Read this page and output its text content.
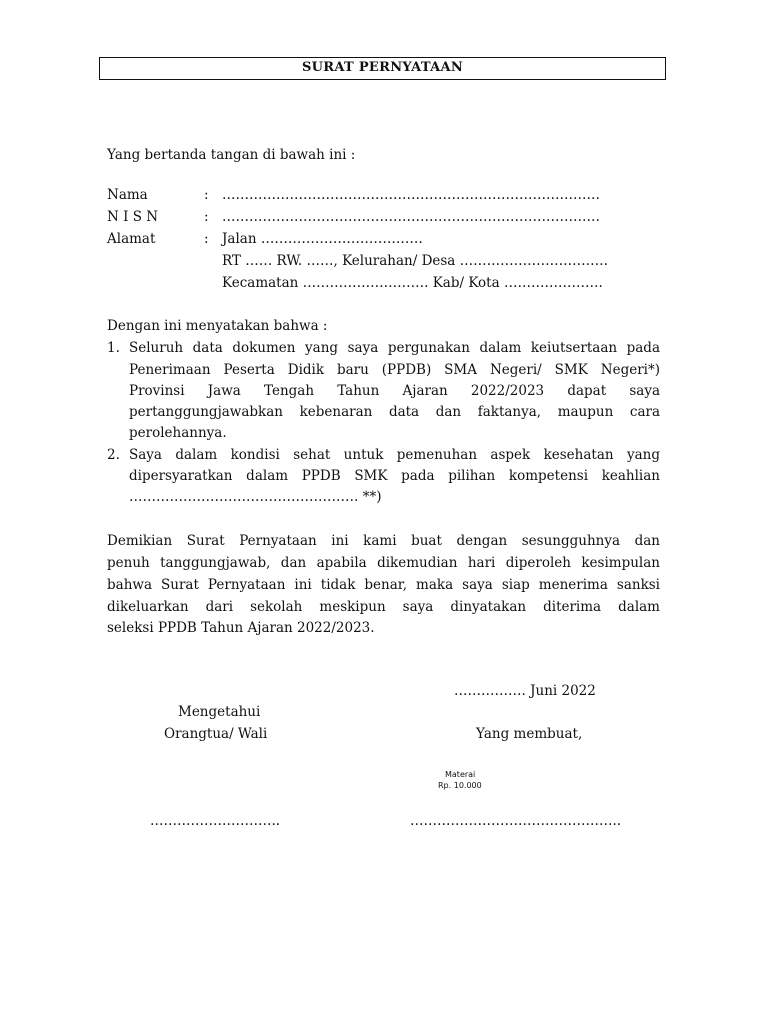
SURAT PERNYATAAN
Yang bertanda tangan di bawah ini :
Nama	: …………………………………………………………………………
N I S N	: …………………………………………………………………………
Alamat	: Jalan ………………………………
RT …… RW. ……, Kelurahan/ Desa ……………………………
Kecamatan ………………………. Kab/ Kota ………………….
Dengan ini menyatakan bahwa :
1. Seluruh data dokumen yang saya pergunakan dalam keiutsertaan pada
Penerimaan Peserta Didik baru (PPDB) SMA Negeri/ SMK Negeri*)
Provinsi Jawa Tengah Tahun Ajaran 2022/2023 dapat saya
pertanggungjawabkan kebenaran data dan faktanya, maupun cara
perolehannya.
2. Saya dalam kondisi sehat untuk pemenuhan aspek kesehatan yang
dipersyaratkan dalam PPDB SMK pada pilihan kompetensi keahlian
…………………………………………… **)
Demikian Surat Pernyataan ini kami buat dengan sesungguhnya dan
penuh tanggungjawab, dan apabila dikemudian hari diperoleh kesimpulan
bahwa Surat Pernyataan ini tidak benar, maka saya siap menerima sanksi
dikeluarkan dari sekolah meskipun saya dinyatakan diterima dalam
seleksi PPDB Tahun Ajaran 2022/2023.
……………. Juni 2022
Mengetahui
Orangtua/ Wali	Yang membuat,
Materai
Rp. 10.000
………………………..	………………………………………..
